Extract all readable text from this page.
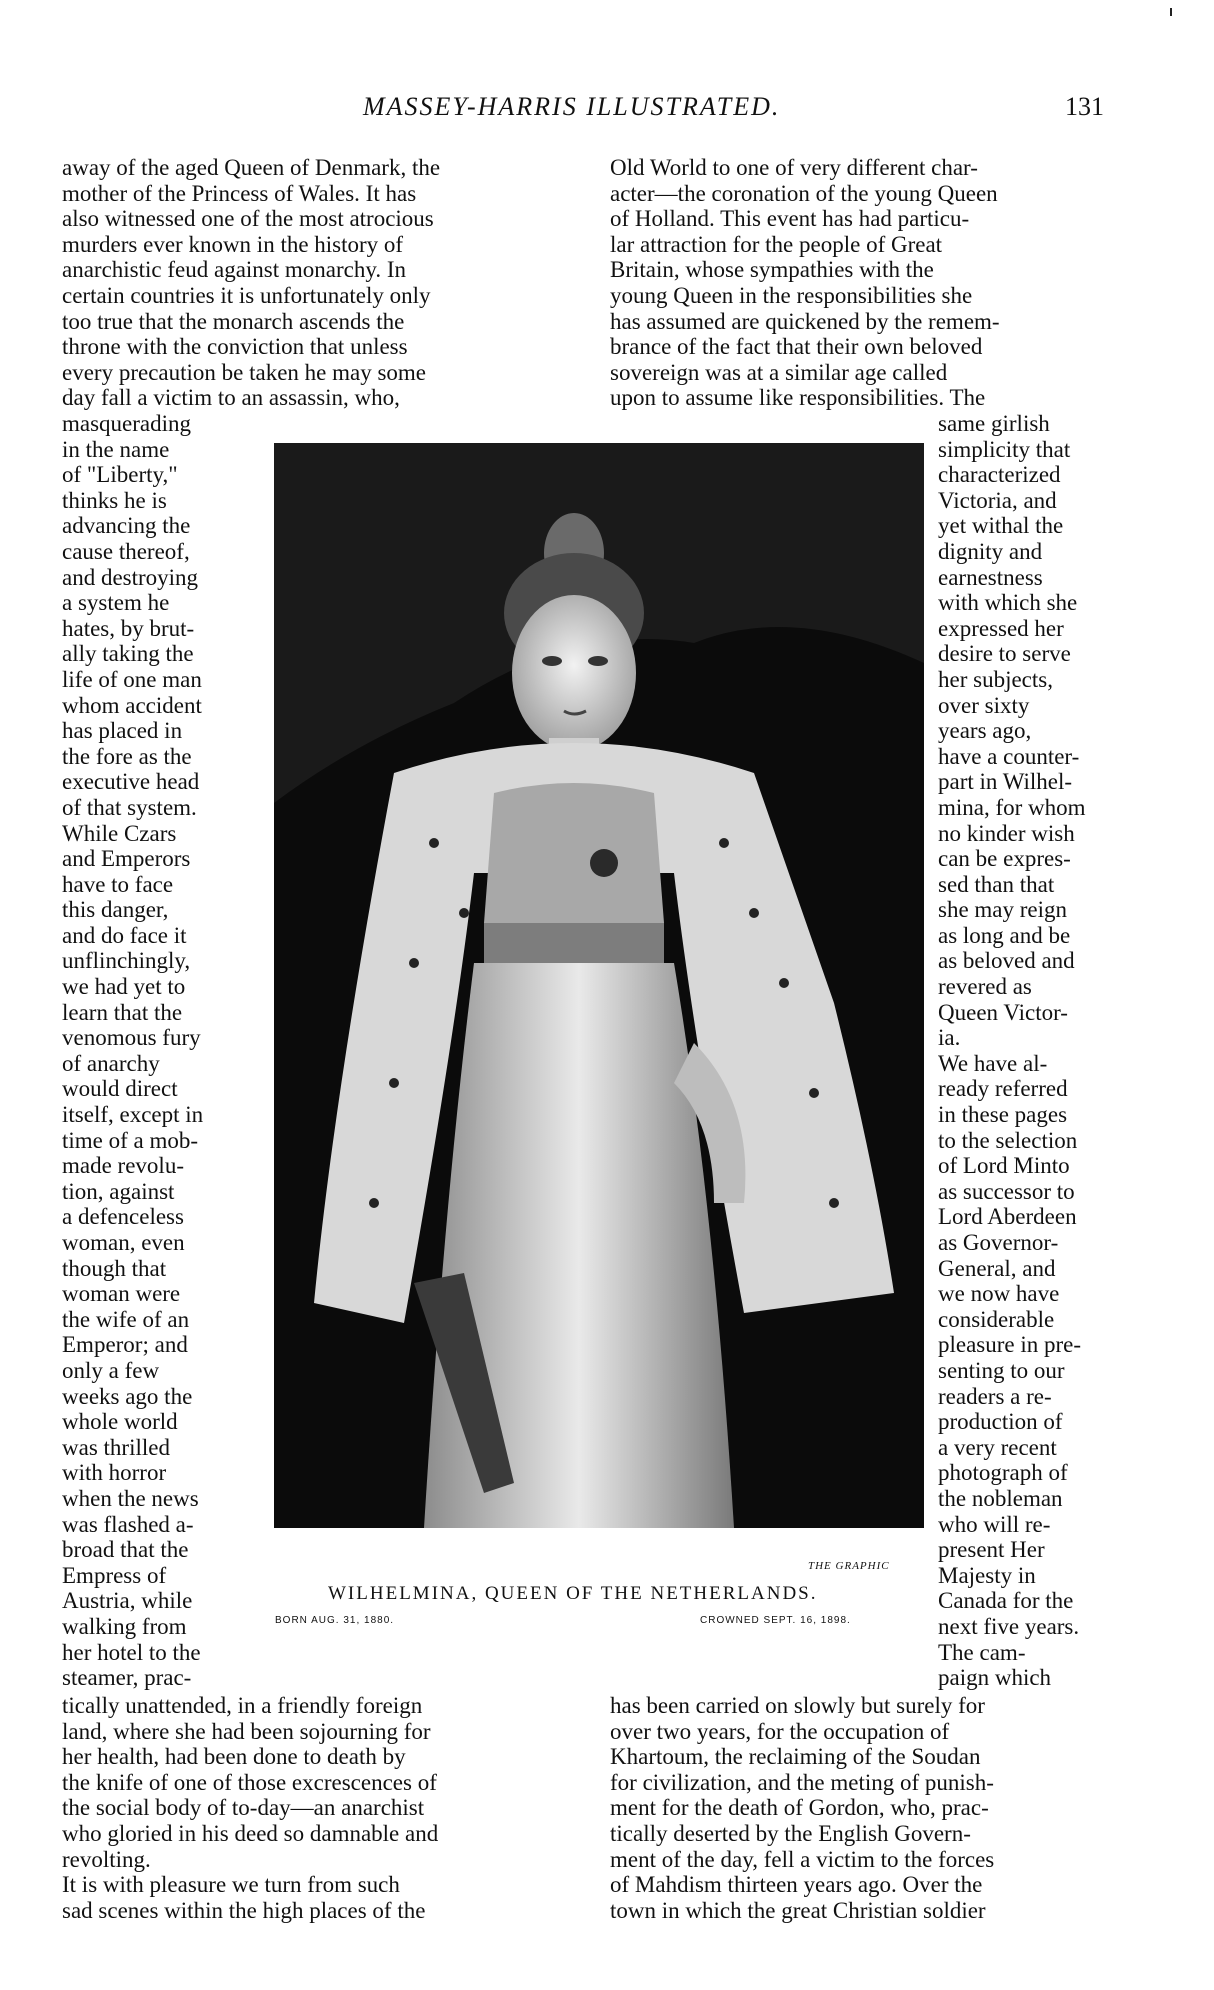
MASSEY-HARRIS ILLUSTRATED.	131
away of the aged Queen of Denmark, the
mother of the Princess of Wales. It has
also witnessed one of the most atrocious
murders ever known in the history of
anarchistic feud against monarchy. In
certain countries it is unfortunately only
too true that the monarch ascends the
throne with the conviction that unless
every precaution be taken he may some
day fall a victim to an assassin, who,
masquerading
in the name
of "Liberty,"
thinks he is
advancing the
cause thereof,
and destroying
a system he
hates, by brut-
ally taking the
life of one man
whom accident
has placed in
the fore as the
executive head
of that system.
While Czars
and Emperors
have to face
this danger,
and do face it
unflinchingly,
we had yet to
learn that the
venomous fury
of anarchy
would direct
itself, except in
time of a mob-
made revolu-
tion, against
a defenceless
woman, even
though that
woman were
the wife of an
Emperor; and
only a few
weeks ago the
whole world
was thrilled
with horror
when the news
was flashed a-
broad that the
Empress of
Austria, while
walking from
her hotel to the
steamer, prac-
tically unattended, in a friendly foreign
land, where she had been sojourning for
her health, had been done to death by
the knife of one of those excrescences of
the social body of to-day—an anarchist
who gloried in his deed so damnable and
revolting.
It is with pleasure we turn from such
sad scenes within the high places of the
Old World to one of very different char-
acter—the coronation of the young Queen
of Holland. This event has had particu-
lar attraction for the people of Great
Britain, whose sympathies with the
young Queen in the responsibilities she
has assumed are quickened by the remem-
brance of the fact that their own beloved
sovereign was at a similar age called
upon to assume like responsibilities. The
same girlish
simplicity that
characterized
Victoria, and
yet withal the
dignity and
earnestness
with which she
expressed her
desire to serve
her subjects,
over sixty
years ago,
have a counter-
part in Wilhel-
mina, for whom
no kinder wish
can be expres-
sed than that
she may reign
as long and be
as beloved and
revered as
Queen Victor-
ia.
We have al-
ready referred
in these pages
to the selection
of Lord Minto
as successor to
Lord Aberdeen
as Governor-
General, and
we now have
considerable
pleasure in pre-
senting to our
readers a re-
production of
a very recent
photograph of
the nobleman
who will re-
present Her
Majesty in
Canada for the
next five years.
The cam-
paign which
has been carried on slowly but surely for
over two years, for the occupation of
Khartoum, the reclaiming of the Soudan
for civilization, and the meting of punish-
ment for the death of Gordon, who, prac-
tically deserted by the English Govern-
ment of the day, fell a victim to the forces
of Mahdism thirteen years ago. Over the
town in which the great Christian soldier
THE GRAPHIC
WILHELMINA, QUEEN OF THE NETHERLANDS.
BORN AUG. 31, 1880.	CROWNED SEPT. 16, 1898.
